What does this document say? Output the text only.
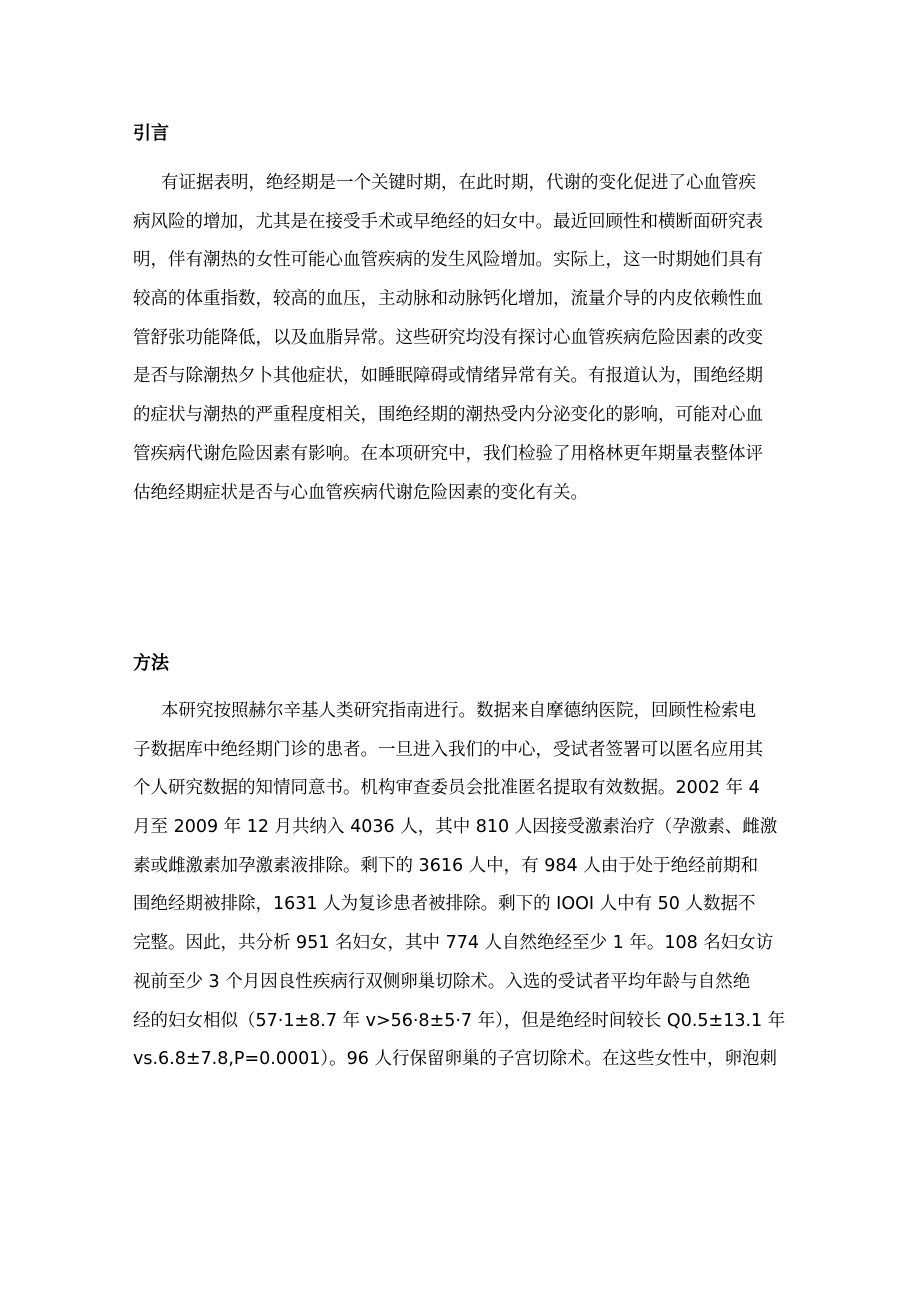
引言
有证据表明，绝经期是一个关键时期，在此时期，代谢的变化促进了心血管疾
病风险的增加，尤其是在接受手术或早绝经的妇女中。最近回顾性和横断面研究表
明，伴有潮热的女性可能心血管疾病的发生风险增加。实际上，这一时期她们具有
较高的体重指数，较高的血压，主动脉和动脉钙化增加，流量介导的内皮依赖性血
管舒张功能降低，以及血脂异常。这些研究均没有探讨心血管疾病危险因素的改变
是否与除潮热夕卜其他症状，如睡眠障碍或情绪异常有关。有报道认为，围绝经期
的症状与潮热的严重程度相关，围绝经期的潮热受内分泌变化的影响，可能对心血
管疾病代谢危险因素有影响。在本项研究中，我们检验了用格林更年期量表整体评
估绝经期症状是否与心血管疾病代谢危险因素的变化有关。
方法
本研究按照赫尔辛基人类研究指南进行。数据来自摩德纳医院，回顾性检索电
子数据库中绝经期门诊的患者。一旦进入我们的中心，受试者签署可以匿名应用其
个人研究数据的知情同意书。机构审查委员会批准匿名提取有效数据。2002 年 4
月至 2009 年 12 月共纳入 4036 人，其中 810 人因接受激素治疗（孕激素、雌激
素或雌激素加孕激素液排除。剩下的 3616 人中，有 984 人由于处于绝经前期和
围绝经期被排除，1631 人为复诊患者被排除。剩下的 IOOI 人中有 50 人数据不
完整。因此，共分析 951 名妇女，其中 774 人自然绝经至少 1 年。108 名妇女访
视前至少 3 个月因良性疾病行双侧卵巢切除术。入选的受试者平均年龄与自然绝
经的妇女相似（57·1±8.7 年 v>56·8±5·7 年），但是绝经时间较长 Q0.5±13.1 年
vs.6.8±7.8,P=0.0001）。96 人行保留卵巢的子宫切除术。在这些女性中，卵泡刺
